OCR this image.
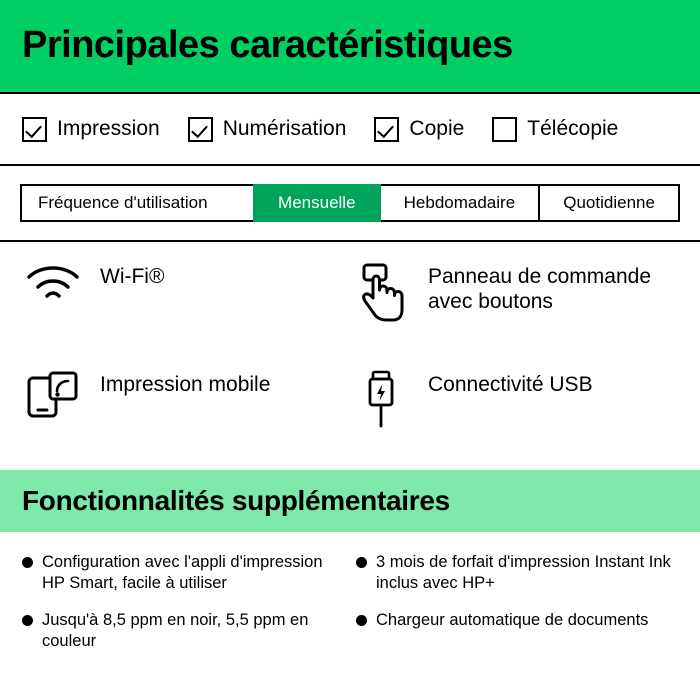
Principales caractéristiques
Impression	Numérisation	Copie	Télécopie
Fréquence d'utilisation	Mensuelle	Hebdomadaire	Quotidienne
Wi-Fi®	Panneau de commande avec boutons
Impression mobile	Connectivité USB
Fonctionnalités supplémentaires
Configuration avec l'appli d'impression HP Smart, facile à utiliser
3 mois de forfait d'impression Instant Ink inclus avec HP+
Jusqu'à 8,5 ppm en noir, 5,5 ppm en couleur
Chargeur automatique de documents
